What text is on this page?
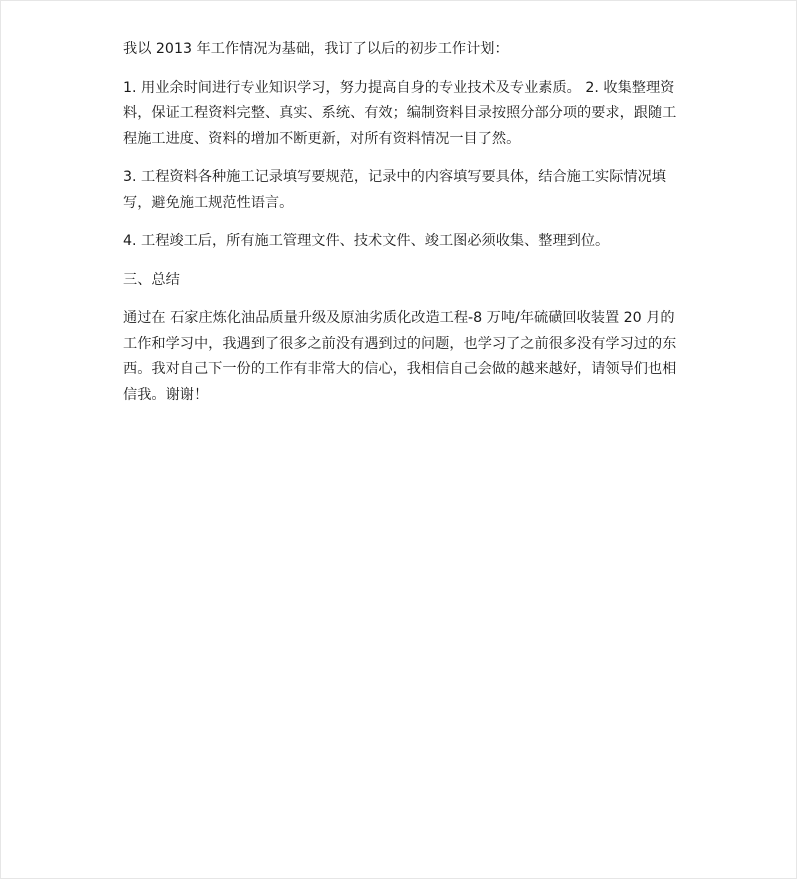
我以 2013 年工作情况为基础，我订了以后的初步工作计划：

1. 用业余时间进行专业知识学习，努力提高自身的专业技术及专业素质。 2. 收集整理资料，保证工程资料完整、真实、系统、有效；编制资料目录按照分部分项的要求，跟随工程施工进度、资料的增加不断更新，对所有资料情况一目了然。

3. 工程资料各种施工记录填写要规范，记录中的内容填写要具体，结合施工实际情况填写，避免施工规范性语言。

4. 工程竣工后，所有施工管理文件、技术文件、竣工图必须收集、整理到位。

三、总结

通过在 石家庄炼化油品质量升级及原油劣质化改造工程-8 万吨/年硫磺回收装置 20 月的工作和学习中，我遇到了很多之前没有遇到过的问题，也学习了之前很多没有学习过的东西。我对自己下一份的工作有非常大的信心，我相信自己会做的越来越好，请领导们也相信我。谢谢！
